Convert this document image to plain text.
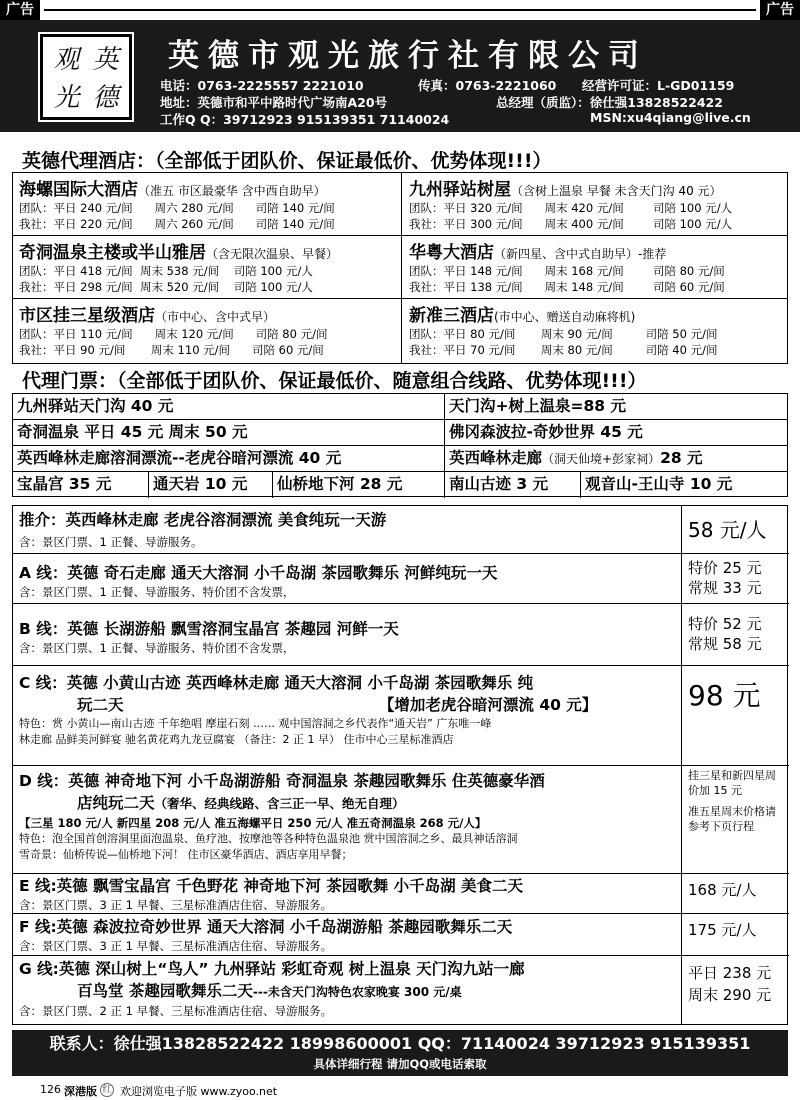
广告	广告
观 英
光 德
英德市观光旅行社有限公司
电话：0763-2225557 2221010	传真：0763-2221060 经营许可证：L-GD01159
地址：英德市和平中路时代广场南A20号	总经理（质监）：徐仕强13828522422
工作Q Q：39712923 915139351 71140024	MSN:xu4qiang@live.cn
英德代理酒店：（全部低于团队价、保证最低价、优势体现!!!）
海螺国际大酒店（准五 市区最豪华 含中西自助早）
团队：平日 240 元/间      周六 280 元/间      司陪 140 元/间
我社：平日 220 元/间      周六 260 元/间      司陪 140 元/间
九州驿站树屋（含树上温泉 早餐 未含天门沟 40 元）
团队：平日 320 元/间      周末 420 元/间        司陪 100 元/人
我社：平日 300 元/间      周末 400 元/间        司陪 100 元/人
奇洞温泉主楼或半山雅居（含无限次温泉、早餐）
团队：平日 418 元/间  周末 538 元/间    司陪 100 元/人
我社：平日 298 元/间  周末 520 元/间    司陪 100 元/人
华粤大酒店（新四星、含中式自助早）-推荐
团队：平日 148 元/间      周末 168 元/间        司陪 80 元/间
我社：平日 138 元/间      周末 148 元/间        司陪 60 元/间
市区挂三星级酒店（市中心、含中式早）
团队：平日 110 元/间      周末 120 元/间      司陪 80 元/间
我社：平日 90 元/间       周末 110 元/间      司陪 60 元/间
新准三酒店(市中心、赠送自动麻将机)
团队：平日 80 元/间       周末 90 元/间         司陪 50 元/间
我社：平日 70 元/间       周末 80 元/间         司陪 40 元/间
代理门票：（全部低于团队价、保证最低价、随意组合线路、优势体现!!!）
九州驿站天门沟 40 元	天门沟+树上温泉=88 元
奇洞温泉 平日 45 元 周末 50 元	佛冈森波拉-奇妙世界 45 元
英西峰林走廊溶洞漂流--老虎谷暗河漂流 40 元	英西峰林走廊（洞天仙境+彭家祠）28 元
宝晶宫 35 元	通天岩 10 元	仙桥地下河 28 元	南山古迹 3 元	观音山-王山寺 10 元
推介：英西峰林走廊 老虎谷溶洞漂流 美食纯玩一天游
含：景区门票、1 正餐、导游服务。	58 元/人
A 线：英德 奇石走廊 通天大溶洞 小千岛湖 茶园歌舞乐 河鲜纯玩一天
含：景区门票、1 正餐、导游服务、特价团不含发票，
特价 25 元
常规 33 元
B 线：英德 长湖游船 飘雪溶洞宝晶宫 茶趣园 河鲜一天
含：景区门票、1 正餐、导游服务、特价团不含发票，
特价 52 元
常规 58 元
C 线：英德 小黄山古迹 英西峰林走廊 通天大溶洞 小千岛湖 茶园歌舞乐 纯
玩二天	【增加老虎谷暗河漂流 40 元】
特色：赏 小黄山—南山古迹 千年绝唱 摩崖石刻 …… 观中国溶洞之乡代表作“通天岩” 广东唯一峰
林走廊 品鲜美河鲜宴 驰名黄花鸡九龙豆腐宴 （备注：2 正 1 早） 住市中心三星标准酒店
98 元
D 线：英德 神奇地下河 小千岛湖游船 奇洞温泉 茶趣园歌舞乐 住英德豪华酒
店纯玩二天（奢华、经典线路、含三正一早、绝无自理）
【三星 180 元/人 新四星 208 元/人 准五海螺平日 250 元/人 准五奇洞温泉 268 元/人】
特色：泡全国首创溶洞里面泡温泉、鱼疗池、按摩池等各种特色温泉池 赏中国溶洞之乡、最具神话溶洞
雪奇景：仙桥传说—仙桥地下河！ 住市区豪华酒店、酒店享用早餐；
挂三星和新四星周价加 15 元
准五星周末价格请参考下页行程
E 线:英德 飘雪宝晶宫 千色野花 神奇地下河 茶园歌舞 小千岛湖 美食二天
含：景区门票、3 正 1 早餐、三星标准酒店住宿、导游服务。
168 元/人
F 线:英德 森波拉奇妙世界 通天大溶洞 小千岛湖游船 茶趣园歌舞乐二天
含：景区门票、3 正 1 早餐、三星标准酒店住宿、导游服务。
175 元/人
G 线:英德 深山树上“鸟人” 九州驿站 彩虹奇观 树上温泉 天门沟九站一廊
百鸟堂 茶趣园歌舞乐二天---未含天门沟特色农家晚宴 300 元/桌
含：景区门票、2 正 1 早餐、三星标准酒店住宿、导游服务。
平日 238 元
周末 290 元
联系人：徐仕强13828522422 18998600001 QQ：71140024 39712923 915139351
具体详细行程 请加QQ或电话索取
126 深港版 红 欢迎浏览电子版 www.zyoo.net
